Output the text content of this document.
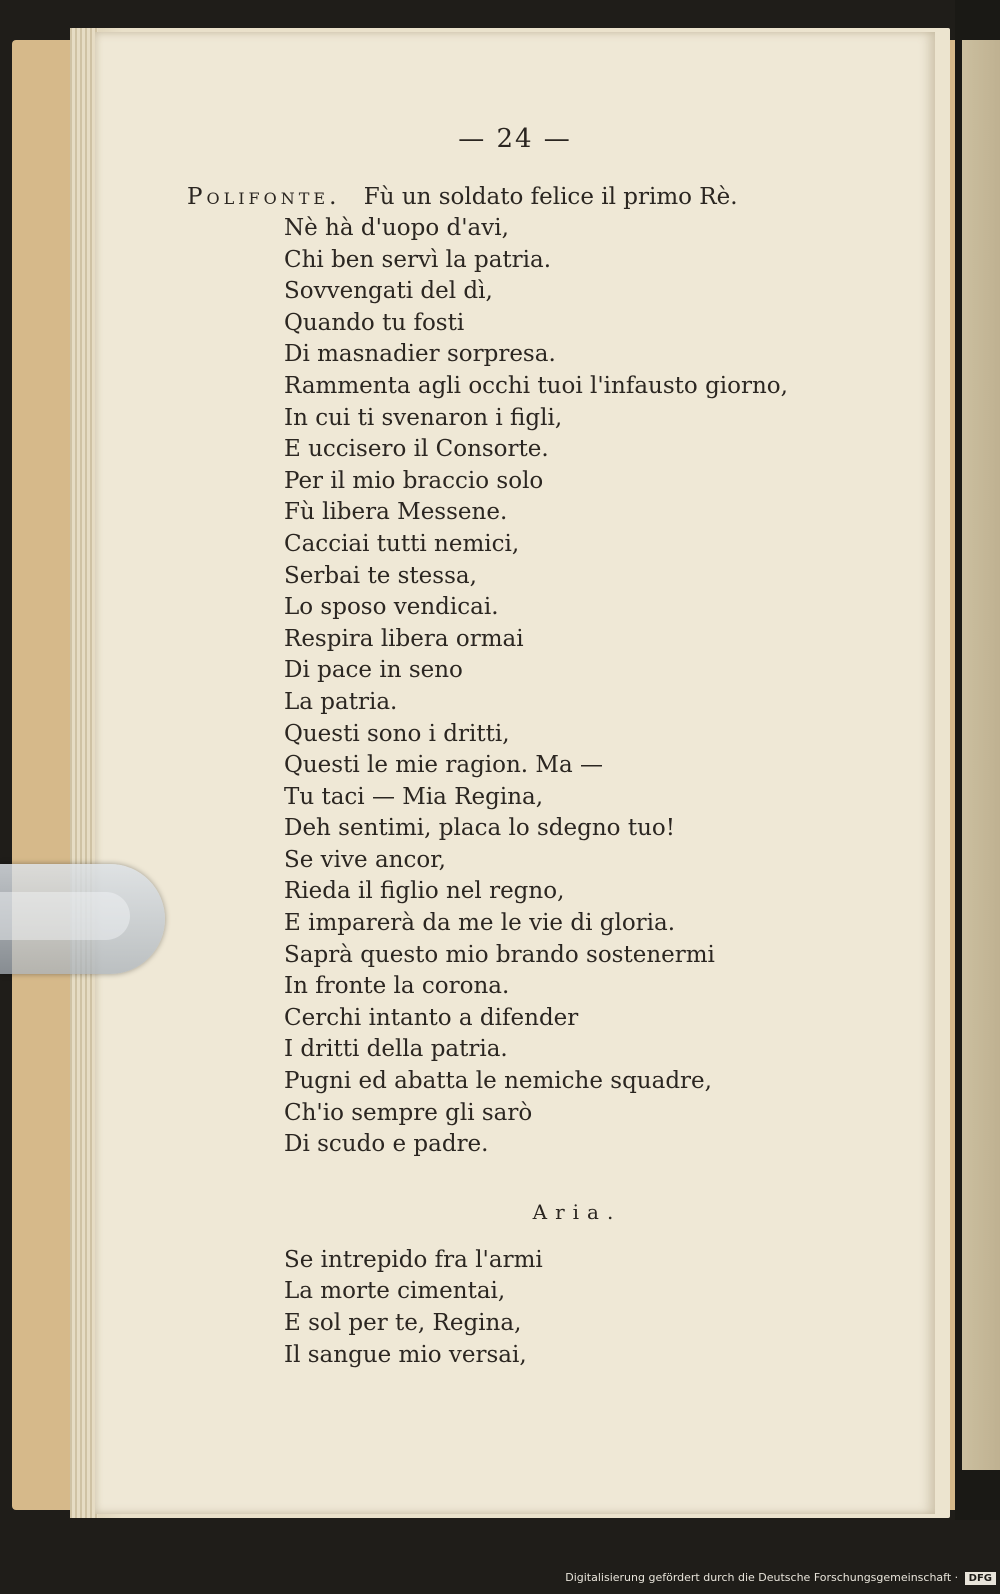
— 24 —
Polifonte. Fù un soldato felice il primo Rè.
Nè hà d'uopo d'avi,
Chi ben servì la patria.
Sovvengati del dì,
Quando tu fosti
Di masnadier sorpresa.
Rammenta agli occhi tuoi l'infausto giorno,
In cui ti svenaron i figli,
E uccisero il Consorte.
Per il mio braccio solo
Fù libera Messene.
Cacciai tutti nemici,
Serbai te stessa,
Lo sposo vendicai.
Respira libera ormai
Di pace in seno
La patria.
Questi sono i dritti,
Questi le mie ragion. Ma —
Tu taci — Mia Regina,
Deh sentimi, placa lo sdegno tuo!
Se vive ancor,
Rieda il figlio nel regno,
E imparerà da me le vie di gloria.
Saprà questo mio brando sostenermi
In fronte la corona.
Cerchi intanto a difender
I dritti della patria.
Pugni ed abatta le nemiche squadre,
Ch'io sempre gli sarò
Di scudo e padre.
Aria.
Se intrepido fra l'armi
La morte cimentai,
E sol per te, Regina,
Il sangue mio versai,
Digitalisierung gefördert durch die Deutsche Forschungsgemeinschaft · DFG
